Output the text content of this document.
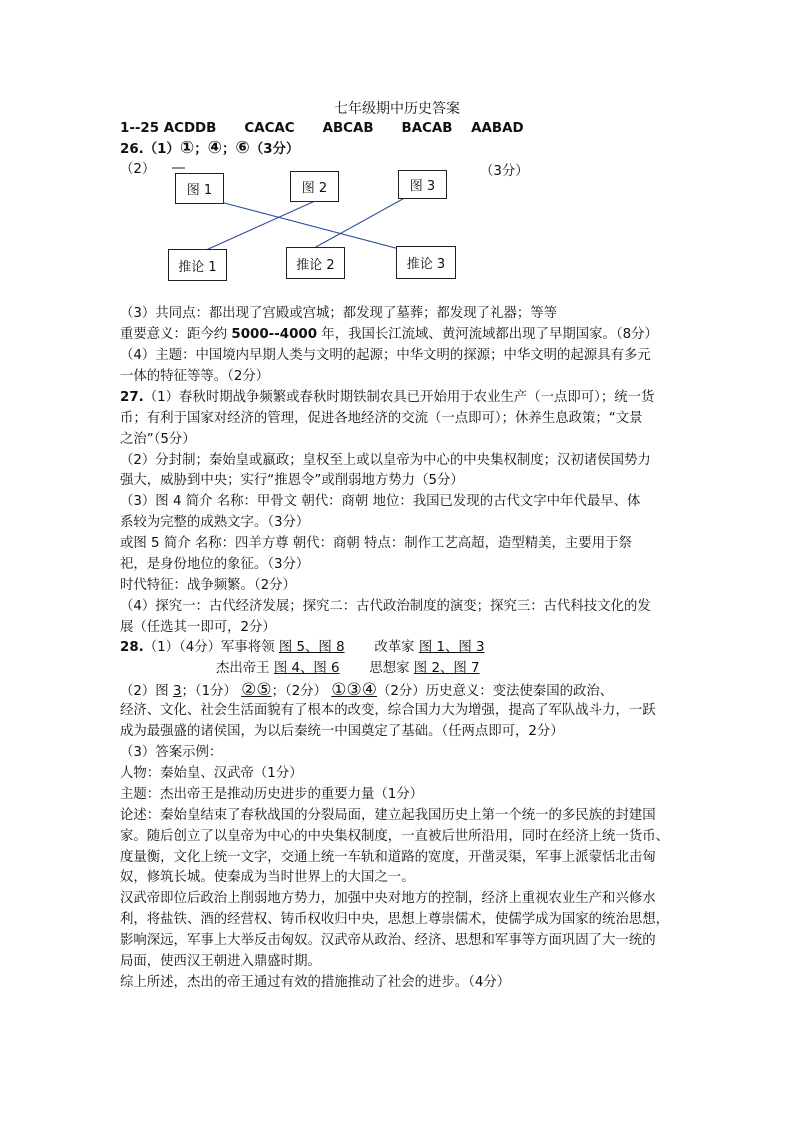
七年级期中历史答案
1--25 ACDDB CACAC ABCAB BACAB AABAD
26.（1）①；④；⑥（3分）
（2）	（3分）
图 1	图 2	图 3
推论 1	推论 2	推论 3
（3）共同点：都出现了宫殿或宫城；都发现了墓葬；都发现了礼器；等等
重要意义：距今约 5000--4000 年，我国长江流域、黄河流域都出现了早期国家。（8分）
（4）主题：中国境内早期人类与文明的起源；中华文明的探源；中华文明的起源具有多元
一体的特征等等。（2分）
27.（1）春秋时期战争频繁或春秋时期铁制农具已开始用于农业生产（一点即可）；统一货
币；有利于国家对经济的管理，促进各地经济的交流（一点即可）；休养生息政策；“文景
之治”（5分）
（2）分封制；秦始皇或嬴政；皇权至上或以皇帝为中心的中央集权制度；汉初诸侯国势力
强大，威胁到中央；实行“推恩令”或削弱地方势力（5分）
（3）图 4 简介 名称：甲骨文 朝代：商朝 地位：我国已发现的古代文字中年代最早、体
系较为完整的成熟文字。（3分）
或图 5 简介 名称：四羊方尊 朝代：商朝 特点：制作工艺高超，造型精美，主要用于祭
祀，是身份地位的象征。（3分）
时代特征：战争频繁。（2分）
（4）探究一：古代经济发展；探究二：古代政治制度的演变；探究三：古代科技文化的发
展（任选其一即可，2分）
28.（1）（4分）军事将领 图 5、图 8 改革家 图 1、图 3
杰出帝王 图 4、图 6 思想家 图 2、图 7
（2）图 3；（1分） ②⑤；（2分） ①③④（2分）历史意义：变法使秦国的政治、
经济、文化、社会生活面貌有了根本的改变，综合国力大为增强，提高了军队战斗力，一跃
成为最强盛的诸侯国，为以后秦统一中国奠定了基础。（任两点即可，2分）
（3）答案示例：
人物：秦始皇、汉武帝（1分）
主题：杰出帝王是推动历史进步的重要力量（1分）
论述：秦始皇结束了春秋战国的分裂局面，建立起我国历史上第一个统一的多民族的封建国
家。随后创立了以皇帝为中心的中央集权制度，一直被后世所沿用，同时在经济上统一货币、
度量衡，文化上统一文字，交通上统一车轨和道路的宽度，开凿灵渠，军事上派蒙恬北击匈
奴，修筑长城。使秦成为当时世界上的大国之一。
汉武帝即位后政治上削弱地方势力，加强中央对地方的控制，经济上重视农业生产和兴修水
利，将盐铁、酒的经营权、铸币权收归中央，思想上尊崇儒术，使儒学成为国家的统治思想，
影响深远，军事上大举反击匈奴。汉武帝从政治、经济、思想和军事等方面巩固了大一统的
局面，使西汉王朝进入鼎盛时期。
综上所述，杰出的帝王通过有效的措施推动了社会的进步。（4分）
